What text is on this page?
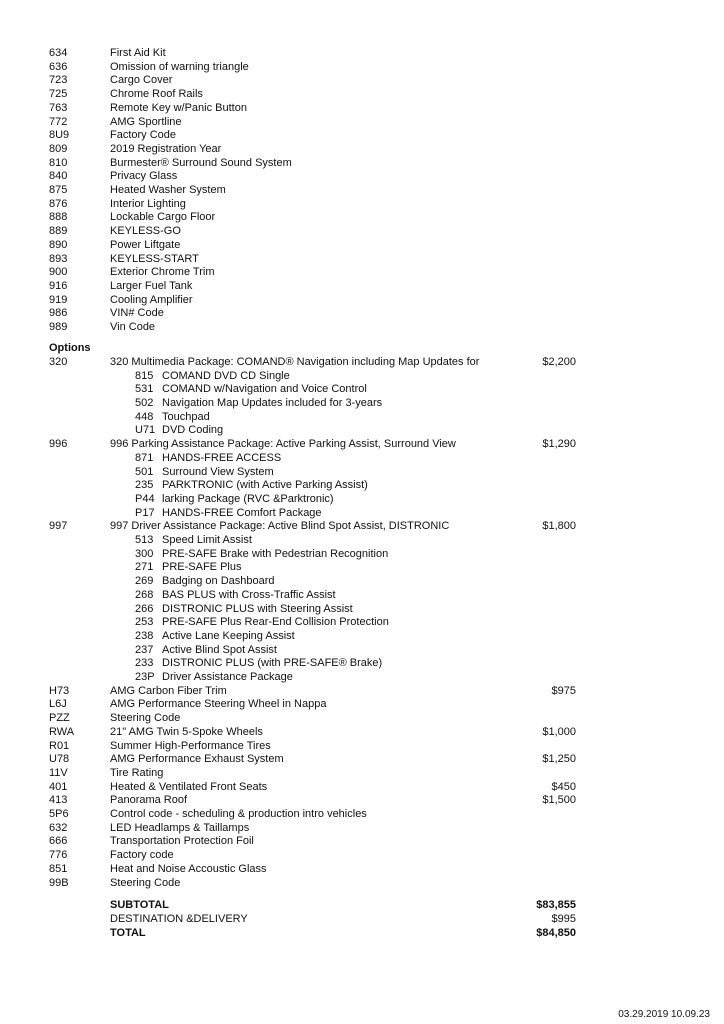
634	First Aid Kit
636	Omission of warning triangle
723	Cargo Cover
725	Chrome Roof Rails
763	Remote Key w/Panic Button
772	AMG Sportline
8U9	Factory Code
809	2019 Registration Year
810	Burmester® Surround Sound System
840	Privacy Glass
875	Heated Washer System
876	Interior Lighting
888	Lockable Cargo Floor
889	KEYLESS-GO
890	Power Liftgate
893	KEYLESS-START
900	Exterior Chrome Trim
916	Larger Fuel Tank
919	Cooling Amplifier
986	VIN# Code
989	Vin Code
Options
320	320 Multimedia Package: COMAND® Navigation including Map Updates for	$2,200
815 COMAND DVD CD Single
531 COMAND w/Navigation and Voice Control
502 Navigation Map Updates included for 3-years
448 Touchpad
U71 DVD Coding
996	996 Parking Assistance Package: Active Parking Assist, Surround View	$1,290
871 HANDS-FREE ACCESS
501 Surround View System
235 PARKTRONIC (with Active Parking Assist)
P44 larking Package (RVC &Parktronic)
P17 HANDS-FREE Comfort Package
997	997 Driver Assistance Package: Active Blind Spot Assist, DISTRONIC	$1,800
513 Speed Limit Assist
300 PRE-SAFE Brake with Pedestrian Recognition
271 PRE-SAFE Plus
269 Badging on Dashboard
268 BAS PLUS with Cross-Traffic Assist
266 DISTRONIC PLUS with Steering Assist
253 PRE-SAFE Plus Rear-End Collision Protection
238 Active Lane Keeping Assist
237 Active Blind Spot Assist
233 DISTRONIC PLUS (with PRE-SAFE® Brake)
23P Driver Assistance Package
H73	AMG Carbon Fiber Trim	$975
L6J	AMG Performance Steering Wheel in Nappa
PZZ	Steering Code
RWA	21" AMG Twin 5-Spoke Wheels	$1,000
R01	Summer High-Performance Tires
U78	AMG Performance Exhaust System	$1,250
11V	Tire Rating
401	Heated & Ventilated Front Seats	$450
413	Panorama Roof	$1,500
5P6	Control code - scheduling & production intro vehicles
632	LED Headlamps & Taillamps
666	Transportation Protection Foil
776	Factory code
851	Heat and Noise Accoustic Glass
99B	Steering Code
SUBTOTAL	$83,855
DESTINATION &DELIVERY	$995
TOTAL	$84,850
03.29.2019 10.09.23
